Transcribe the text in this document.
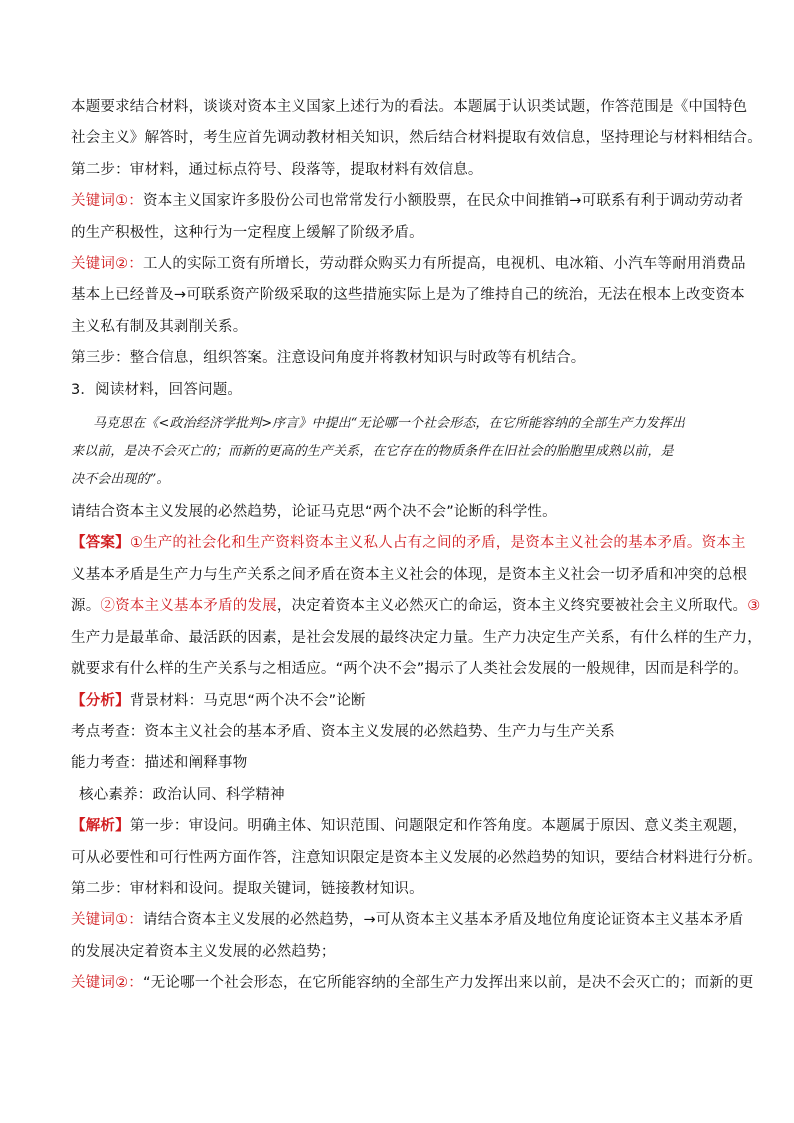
本题要求结合材料，谈谈对资本主义国家上述行为的看法。本题属于认识类试题，作答范围是《中国特色
社会主义》解答时，考生应首先调动教材相关知识，然后结合材料提取有效信息，坚持理论与材料相结合。
第二步：审材料，通过标点符号、段落等，提取材料有效信息。
关键词①：资本主义国家许多股份公司也常常发行小额股票，在民众中间推销→可联系有利于调动劳动者
的生产积极性，这种行为一定程度上缓解了阶级矛盾。
关键词②：工人的实际工资有所增长，劳动群众购买力有所提高，电视机、电冰箱、小汽车等耐用消费品
基本上已经普及→可联系资产阶级采取的这些措施实际上是为了维持自己的统治，无法在根本上改变资本
主义私有制及其剥削关系。
第三步：整合信息，组织答案。注意设问角度并将教材知识与时政等有机结合。
3．阅读材料，回答问题。
马克思在《<政治经济学批判>序言》中提出“无论哪一个社会形态，在它所能容纳的全部生产力发挥出
来以前，是决不会灭亡的；而新的更高的生产关系，在它存在的物质条件在旧社会的胎胞里成熟以前，是
决不会出现的”。
请结合资本主义发展的必然趋势，论证马克思“两个决不会”论断的科学性。
【答案】①生产的社会化和生产资料资本主义私人占有之间的矛盾，是资本主义社会的基本矛盾。资本主
义基本矛盾是生产力与生产关系之间矛盾在资本主义社会的体现，是资本主义社会一切矛盾和冲突的总根
源。②资本主义基本矛盾的发展，决定着资本主义必然灭亡的命运，资本主义终究要被社会主义所取代。③
生产力是最革命、最活跃的因素，是社会发展的最终决定力量。生产力决定生产关系，有什么样的生产力，
就要求有什么样的生产关系与之相适应。“两个决不会”揭示了人类社会发展的一般规律，因而是科学的。
【分析】背景材料：马克思“两个决不会”论断
考点考查：资本主义社会的基本矛盾、资本主义发展的必然趋势、生产力与生产关系
能力考查：描述和阐释事物
核心素养：政治认同、科学精神
【解析】第一步：审设问。明确主体、知识范围、问题限定和作答角度。本题属于原因、意义类主观题，
可从必要性和可行性两方面作答，注意知识限定是资本主义发展的必然趋势的知识，要结合材料进行分析。
第二步：审材料和设问。提取关键词，链接教材知识。
关键词①：请结合资本主义发展的必然趋势，→可从资本主义基本矛盾及地位角度论证资本主义基本矛盾
的发展决定着资本主义发展的必然趋势；
关键词②：“无论哪一个社会形态，在它所能容纳的全部生产力发挥出来以前，是决不会灭亡的；而新的更
